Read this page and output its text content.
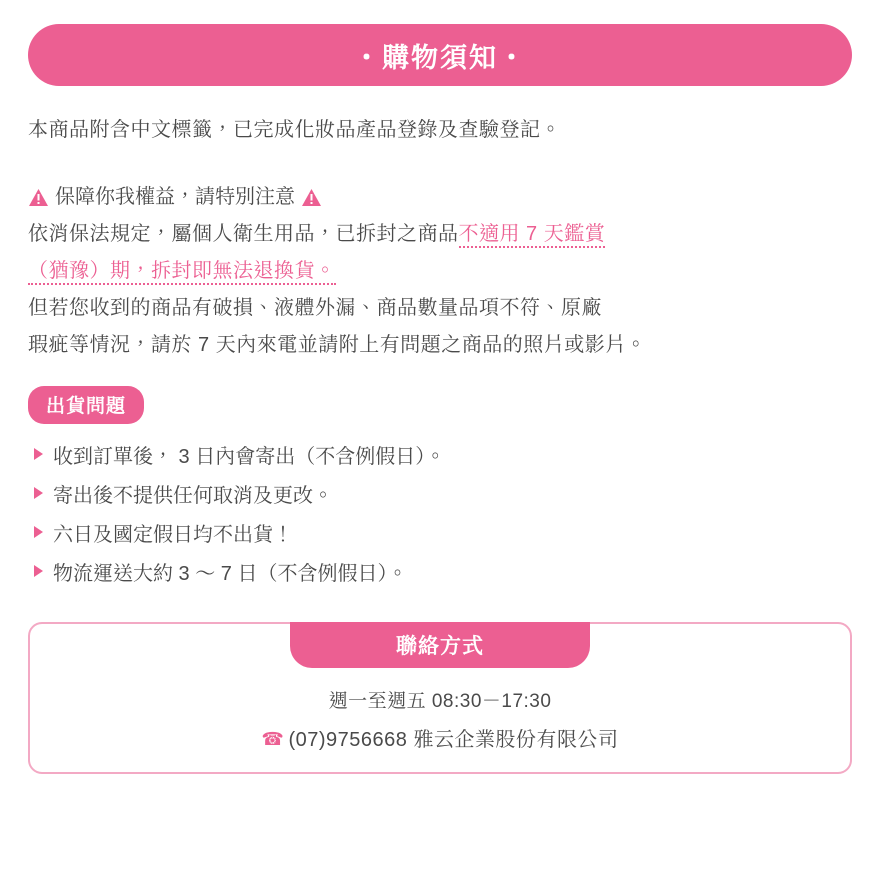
・購物須知・
本商品附含中文標籤，已完成化妝品產品登錄及查驗登記。
保障你我權益，請特別注意
依消保法規定，屬個人衛生用品，已拆封之商品不適用 7 天鑑賞
（猶豫）期，拆封即無法退換貨。
但若您收到的商品有破損、液體外漏、商品數量品項不符、原廠
瑕疵等情況，請於 7 天內來電並請附上有問題之商品的照片或影片。
出貨問題
收到訂單後， 3 日內會寄出（不含例假日）。
寄出後不提供任何取消及更改。
六日及國定假日均不出貨！
物流運送大約 3 ～ 7 日（不含例假日）。
聯絡方式
週一至週五 08:30－17:30
☎ (07)9756668 雅云企業股份有限公司
